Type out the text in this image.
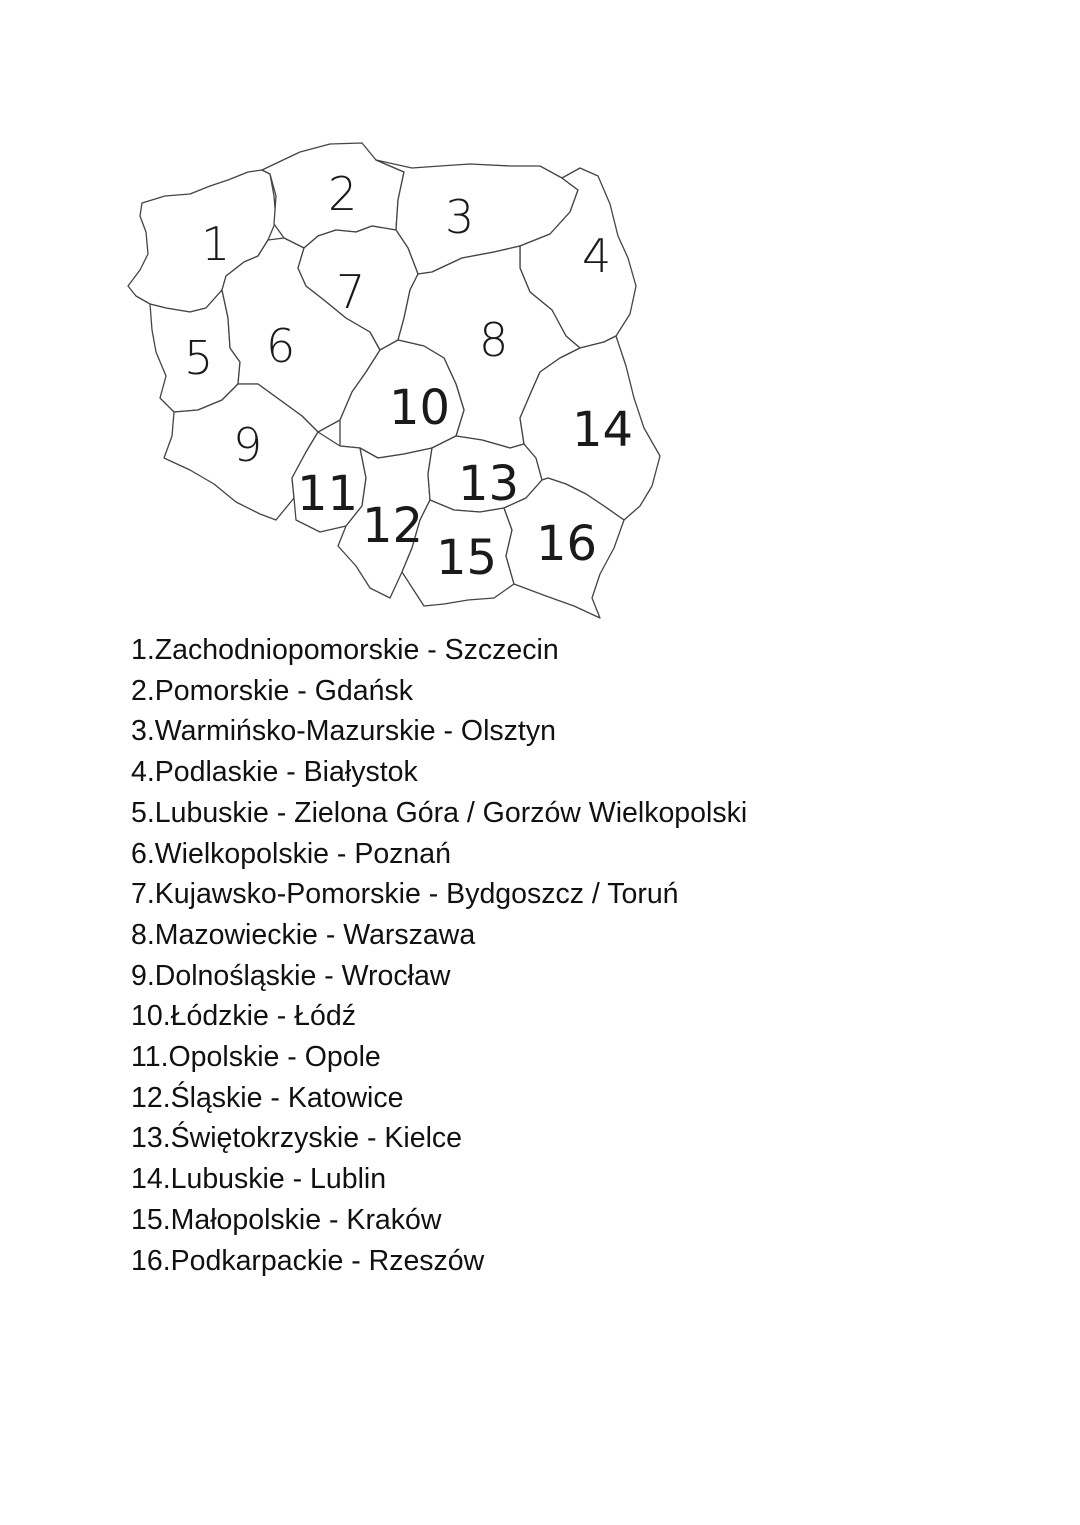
1
2 3
4
5 6
7
8
9
10
11
12
13
14
15 16
1.Zachodniopomorskie - Szczecin
2.Pomorskie - Gdańsk
3.Warmińsko-Mazurskie - Olsztyn
4.Podlaskie - Białystok
5.Lubuskie - Zielona Góra / Gorzów Wielkopolski
6.Wielkopolskie - Poznań
7.Kujawsko-Pomorskie - Bydgoszcz / Toruń
8.Mazowieckie - Warszawa
9.Dolnośląskie - Wrocław
10.Łódzkie - Łódź
11.Opolskie - Opole
12.Śląskie - Katowice
13.Świętokrzyskie - Kielce
14.Lubuskie - Lublin
15.Małopolskie - Kraków
16.Podkarpackie - Rzeszów
